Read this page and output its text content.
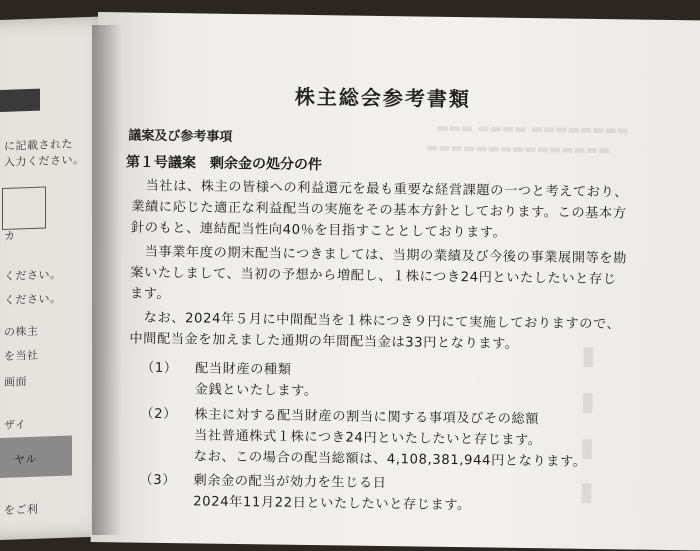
に記載された
入力ください。
カ
ください。
ください。
の株主
を当社
画面
ザイ
ヤル
をご利
▬▬▬ ▬▬▬▬ ▬▬▬▬▬▬▬▬
▬▬▬▬▬▬▬▬▬▬▬▬▬▬▬
▮
▮
▮
▮
株主総会参考書類
議案及び参考事項
第１号議案　剰余金の処分の件
当社は、株主の皆様への利益還元を最も重要な経営課題の一つと考えており、
業績に応じた適正な利益配当の実施をその基本方針としております。この基本方
針のもと、連結配当性向40％を目指すこととしております。
当事業年度の期末配当につきましては、当期の業績及び今後の事業展開等を勘
案いたしまして、当初の予想から増配し、１株につき24円といたしたいと存じ
ます。
なお、2024年５月に中間配当を１株につき９円にて実施しておりますので、
中間配当金を加えました通期の年間配当金は33円となります。
（1） 配当財産の種類
金銭といたします。
（2） 株主に対する配当財産の割当に関する事項及びその総額
当社普通株式１株につき24円といたしたいと存じます。
なお、この場合の配当総額は、4,108,381,944円となります。
（3） 剰余金の配当が効力を生じる日
2024年11月22日といたしたいと存じます。
